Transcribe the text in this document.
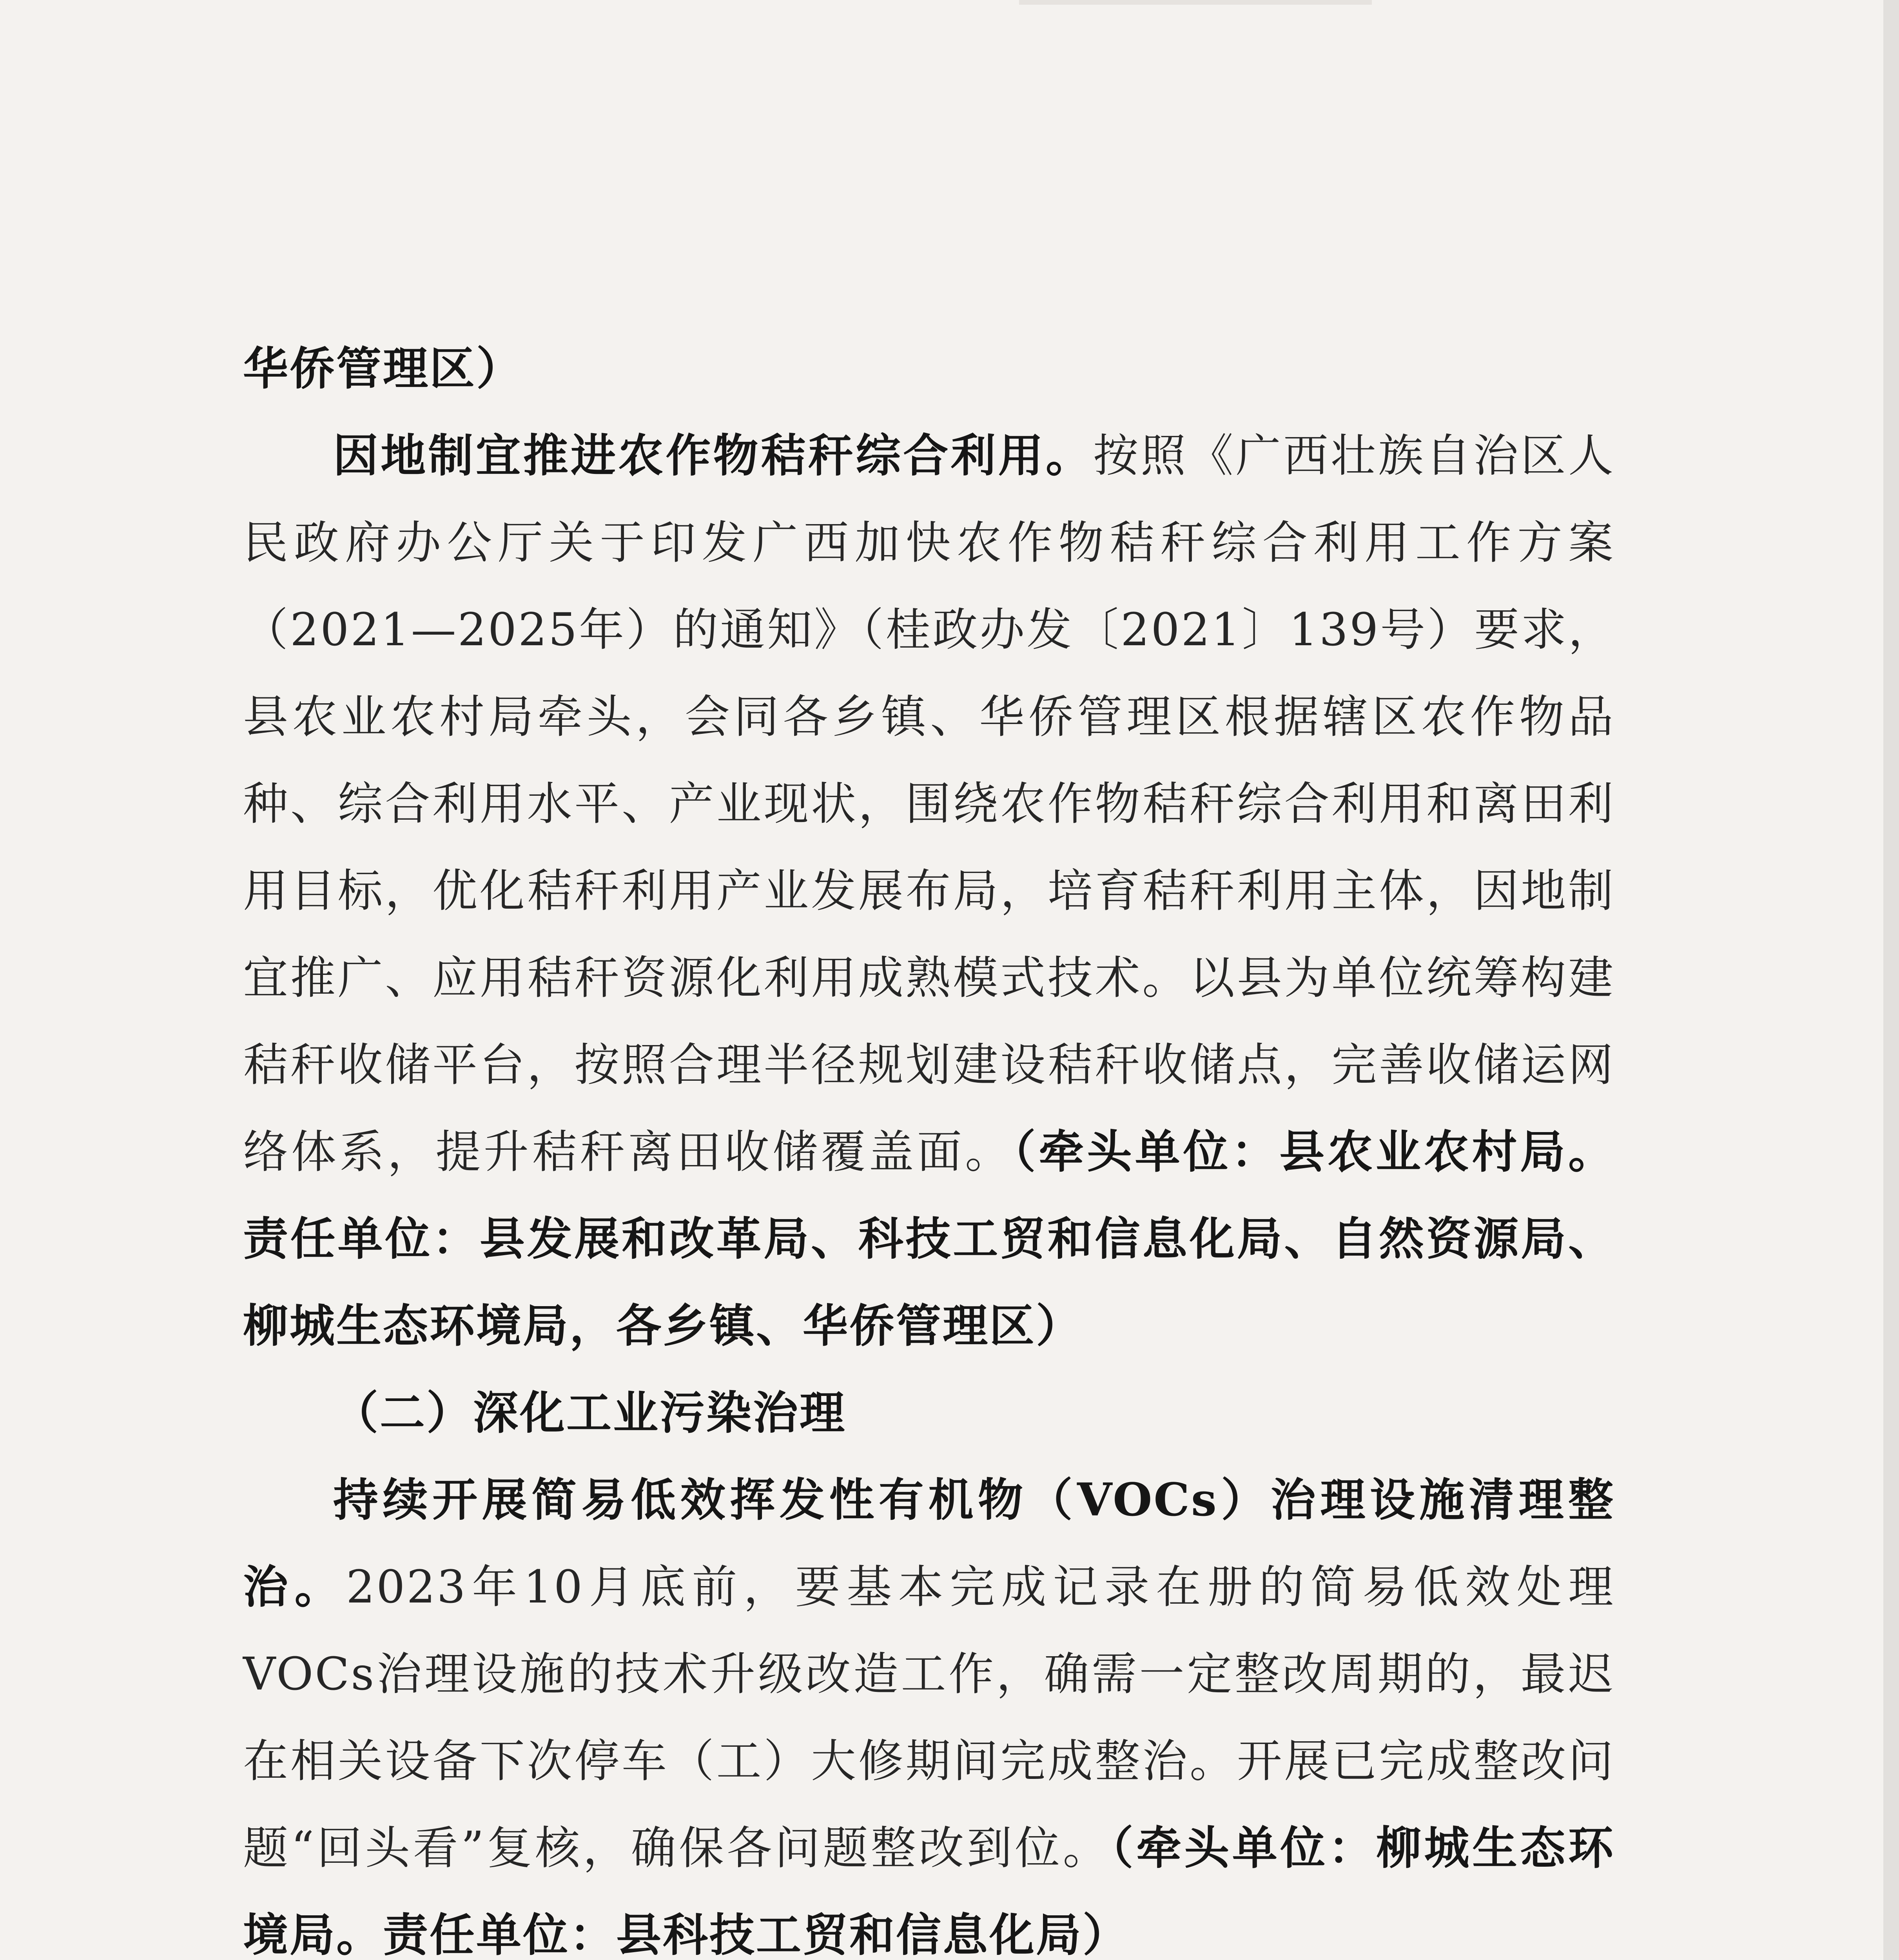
华侨管理区）

因地制宜推进农作物秸秆综合利用。按照《广西壮族自治区人民政府办公厅关于印发广西加快农作物秸秆综合利用工作方案（2021—2025年）的通知》（桂政办发〔2021〕139号）要求，县农业农村局牵头，会同各乡镇、华侨管理区根据辖区农作物品种、综合利用水平、产业现状，围绕农作物秸秆综合利用和离田利用目标，优化秸秆利用产业发展布局，培育秸秆利用主体，因地制宜推广、应用秸秆资源化利用成熟模式技术。以县为单位统筹构建秸秆收储平台，按照合理半径规划建设秸秆收储点，完善收储运网络体系，提升秸秆离田收储覆盖面。（牵头单位：县农业农村局。责任单位：县发展和改革局、科技工贸和信息化局、自然资源局、柳城生态环境局，各乡镇、华侨管理区）

（二）深化工业污染治理

持续开展简易低效挥发性有机物（VOCs）治理设施清理整治。2023年10月底前，要基本完成记录在册的简易低效处理VOCs治理设施的技术升级改造工作，确需一定整改周期的，最迟在相关设备下次停车（工）大修期间完成整治。开展已完成整改问题“回头看”复核，确保各问题整改到位。（牵头单位：柳城生态环境局。责任单位：县科技工贸和信息化局）
